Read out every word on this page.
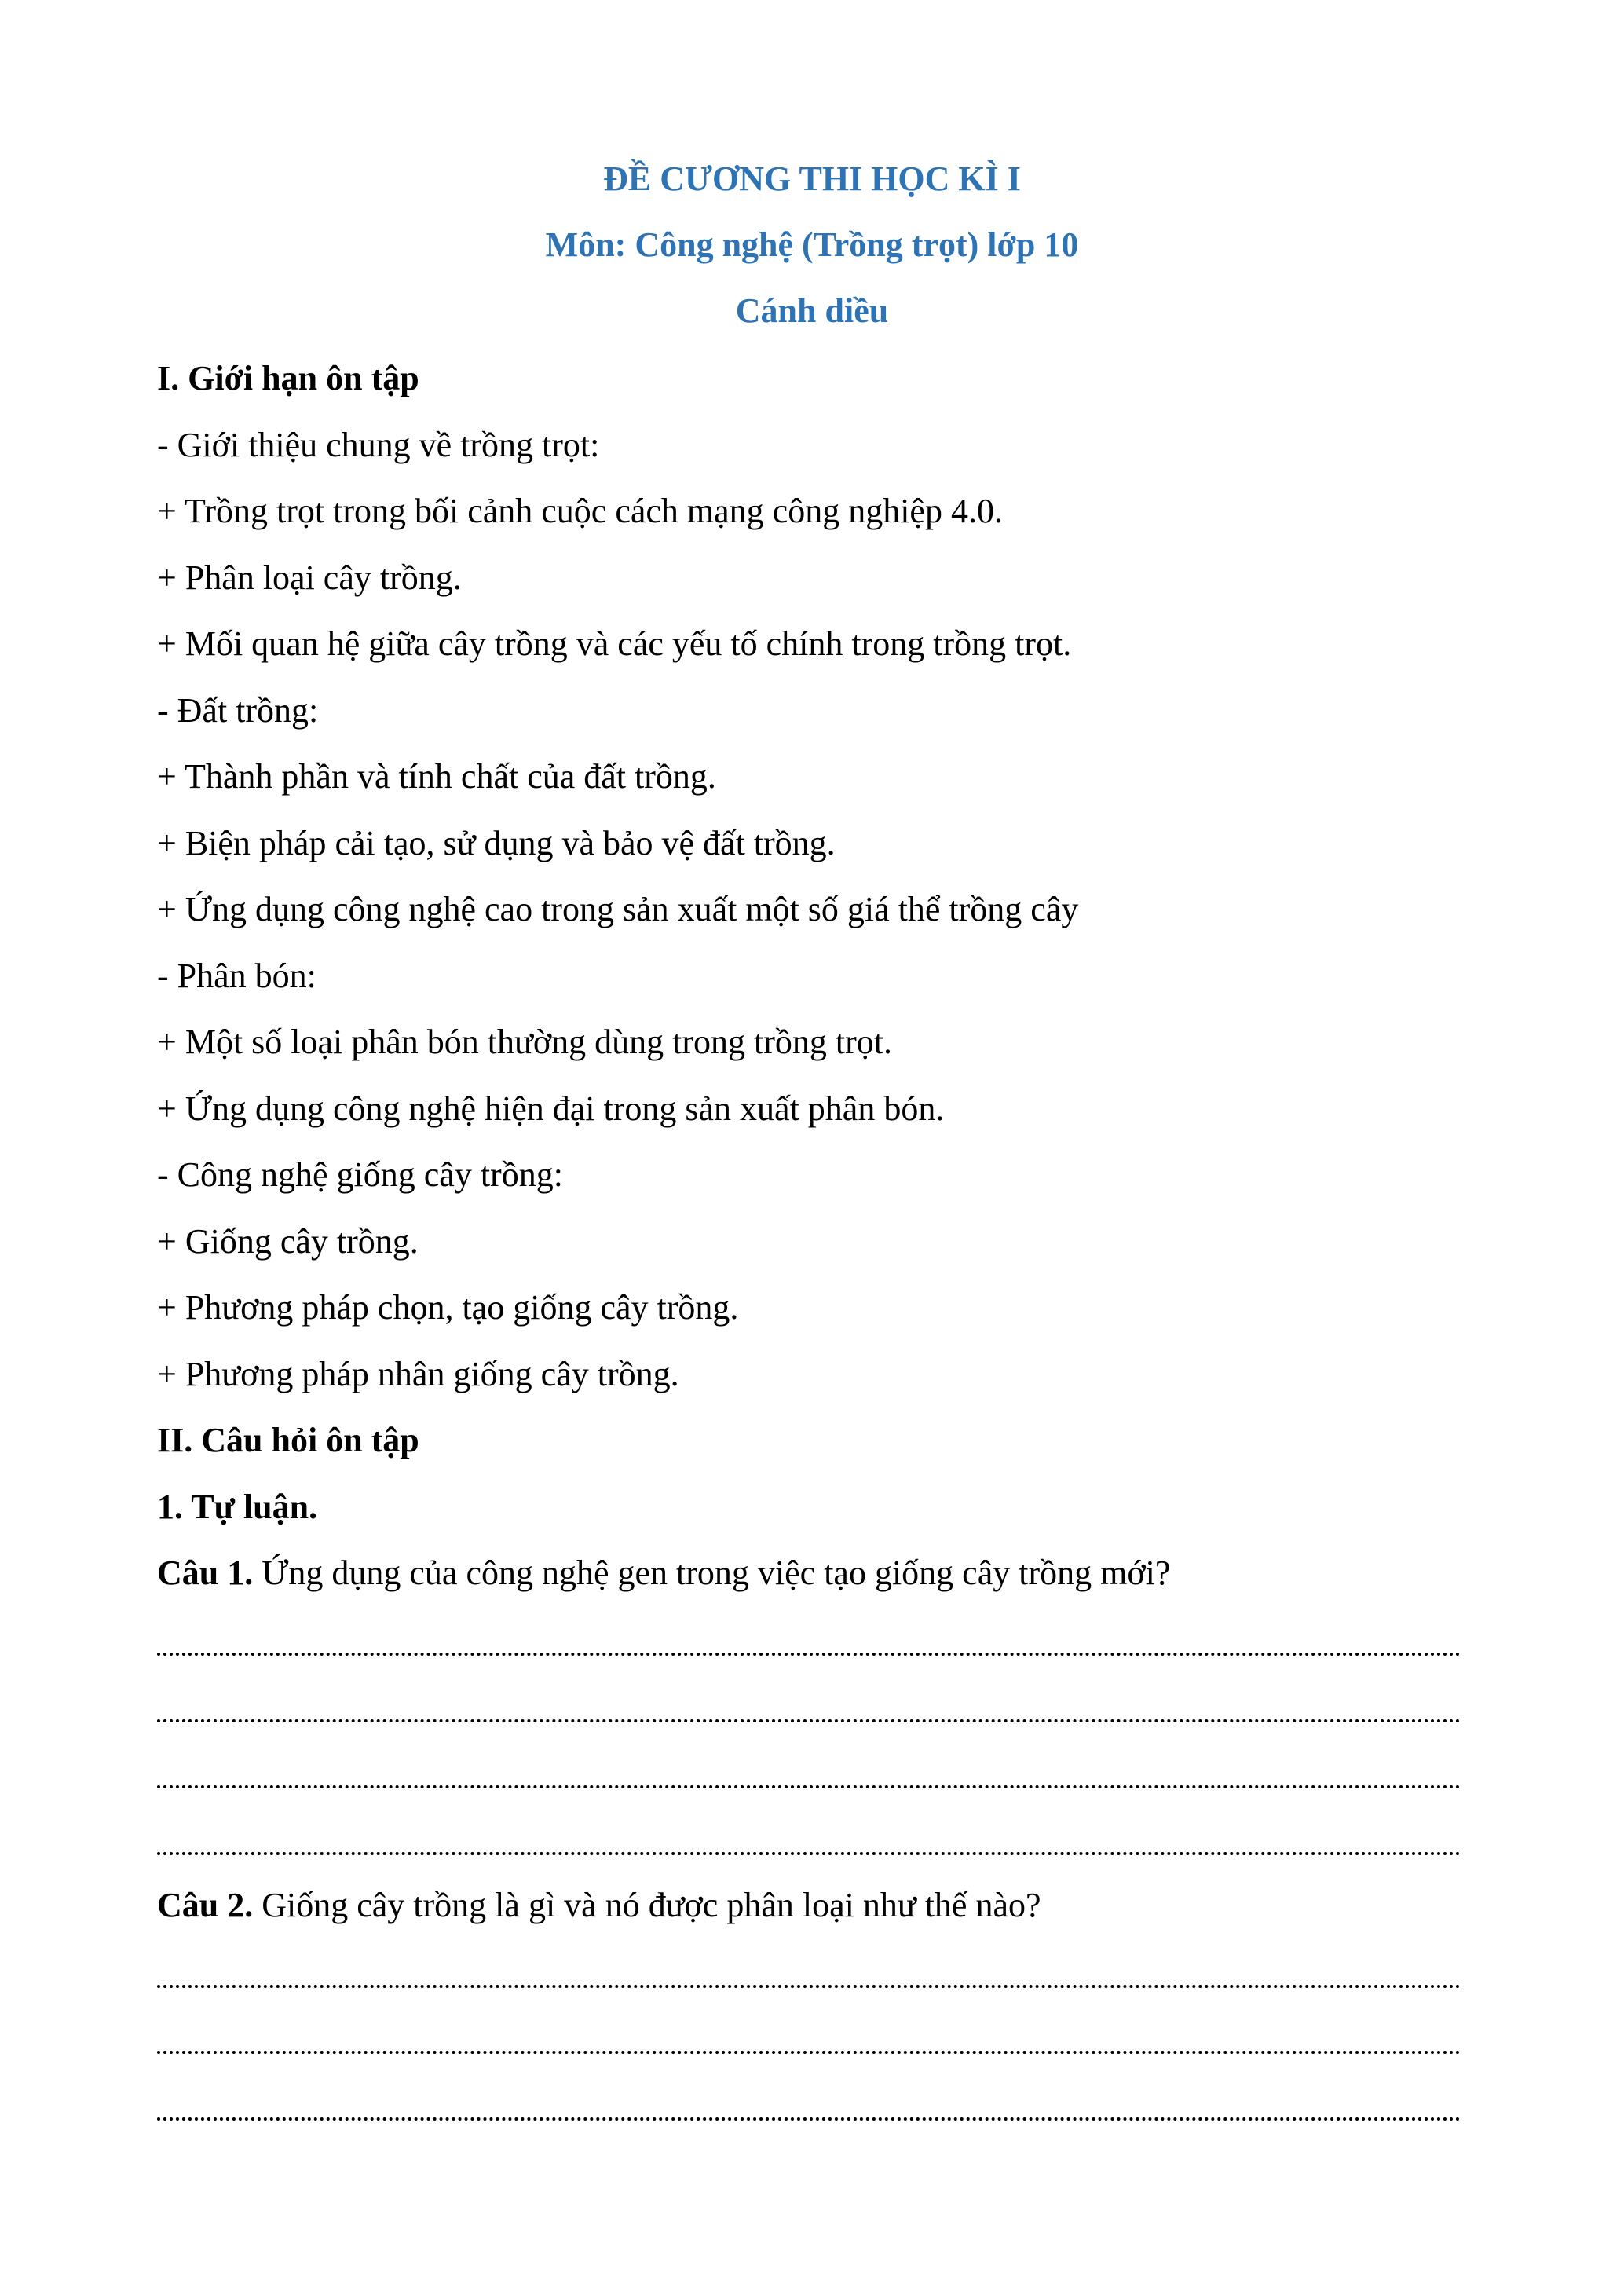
ĐỀ CƯƠNG THI HỌC KÌ I
Môn: Công nghệ (Trồng trọt) lớp 10
Cánh diều
I. Giới hạn ôn tập
- Giới thiệu chung về trồng trọt:
+ Trồng trọt trong bối cảnh cuộc cách mạng công nghiệp 4.0.
+ Phân loại cây trồng.
+ Mối quan hệ giữa cây trồng và các yếu tố chính trong trồng trọt.
- Đất trồng:
+ Thành phần và tính chất của đất trồng.
+ Biện pháp cải tạo, sử dụng và bảo vệ đất trồng.
+ Ứng dụng công nghệ cao trong sản xuất một số giá thể trồng cây
- Phân bón:
+ Một số loại phân bón thường dùng trong trồng trọt.
+ Ứng dụng công nghệ hiện đại trong sản xuất phân bón.
- Công nghệ giống cây trồng:
+ Giống cây trồng.
+ Phương pháp chọn, tạo giống cây trồng.
+ Phương pháp nhân giống cây trồng.
II. Câu hỏi ôn tập
1. Tự luận.
Câu 1. Ứng dụng của công nghệ gen trong việc tạo giống cây trồng mới?
Câu 2. Giống cây trồng là gì và nó được phân loại như thế nào?
